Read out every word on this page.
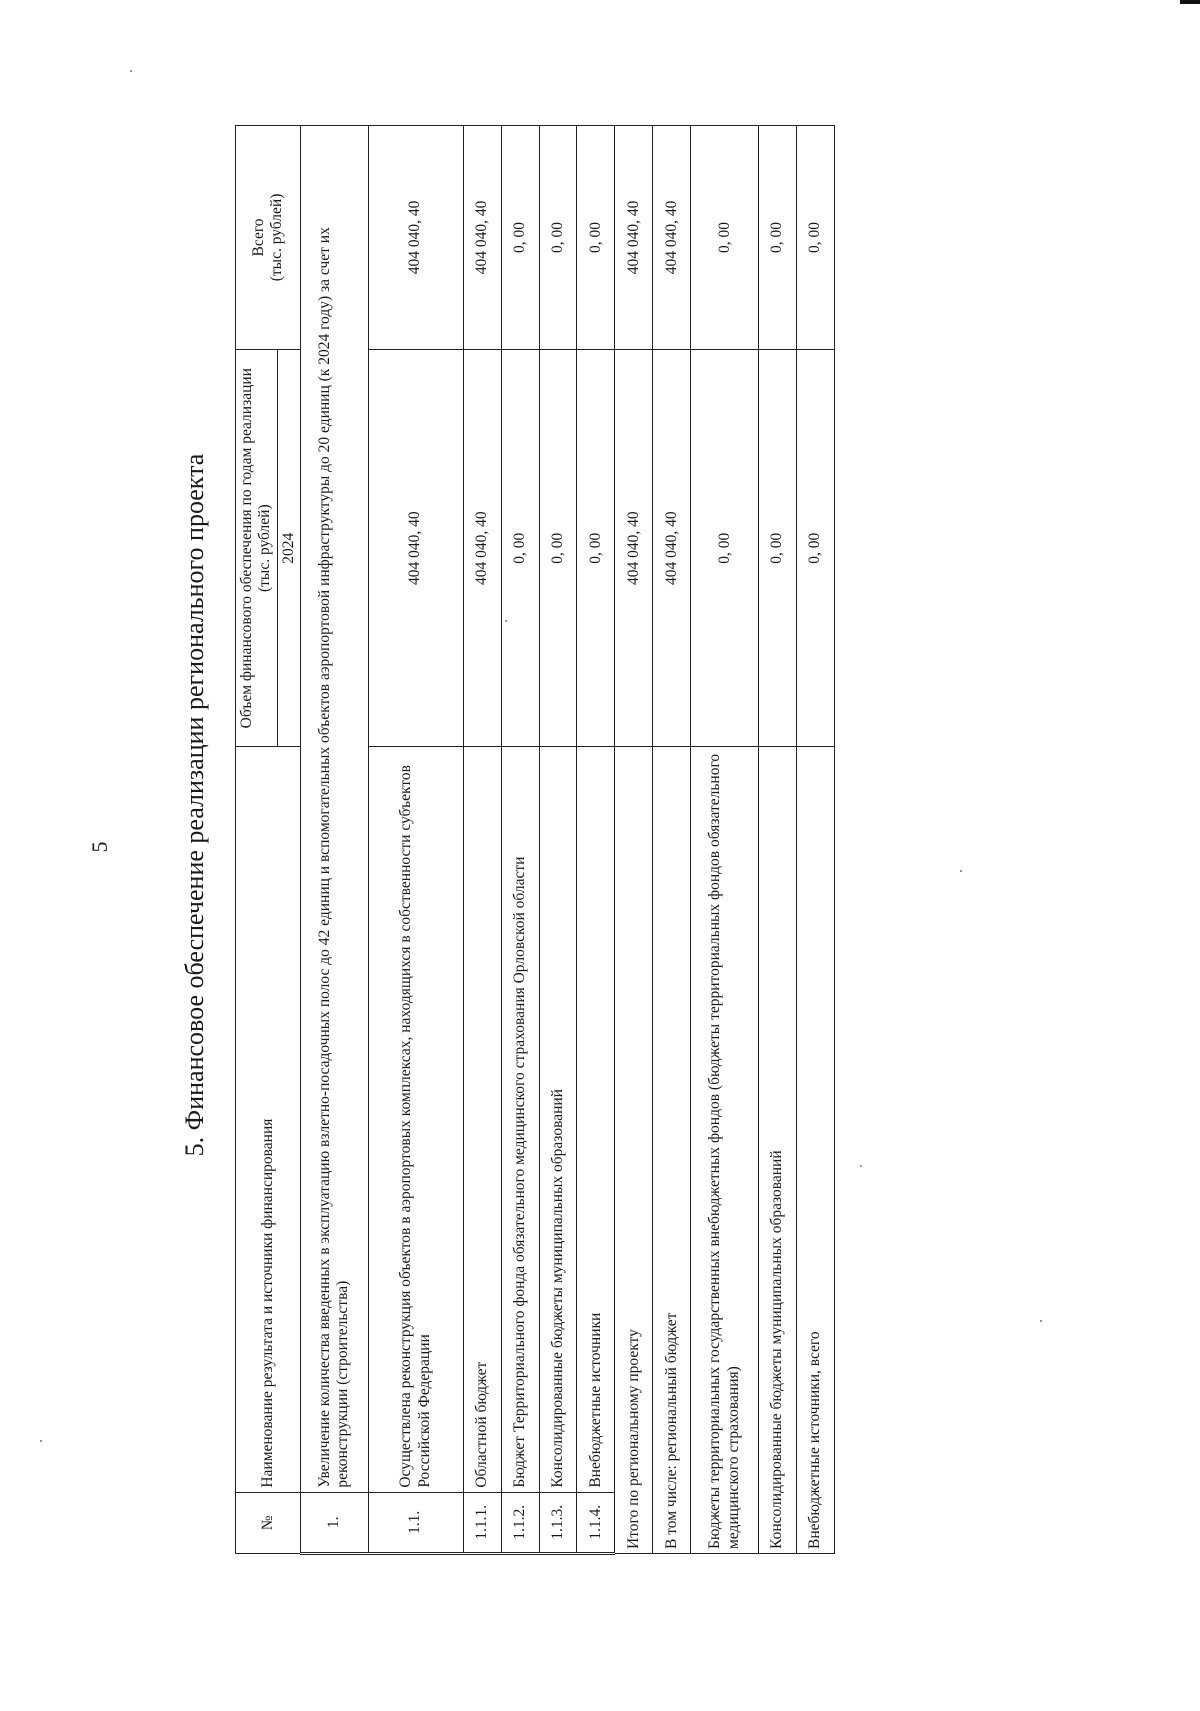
5	5. Финансовое обеспечение реализации регионального проекта
№	Наименование результата и источники финансирования	Объем финансового обеспечения по годам реализации (тыс. рублей)	Всего
(тыс. рублей)
		2024	
1.	Увеличение количества введенных в эксплуатацию взлетно-посадочных полос до 42 единиц и вспомогательных объектов аэропортовой инфраструктуры до 20 единиц (к 2024 году) за счет их реконструкции (строительства)		
1.1.	Осуществлена реконструкция объектов в аэропортовых комплексах, находящихся в собственности субъектов Российской Федерации	404 040, 40	404 040, 40
1.1.1.	Областной бюджет	404 040, 40	404 040, 40
1.1.2.	Бюджет Территориального фонда обязательного медицинского страхования Орловской области	0, 00	0, 00
1.1.3.	Консолидированные бюджеты муниципальных образований	0, 00	0, 00
1.1.4.	Внебюджетные источники	0, 00	0, 00
Итого по региональному проекту		404 040, 40	404 040, 40
В том числе: региональный бюджет		404 040, 40	404 040, 40
Бюджеты территориальных государственных внебюджетных фондов (бюджеты территориальных фондов обязательного медицинского страхования)		0, 00	0, 00
Консолидированные бюджеты муниципальных образований		0, 00	0, 00
Внебюджетные источники, всего		0, 00	0, 00
